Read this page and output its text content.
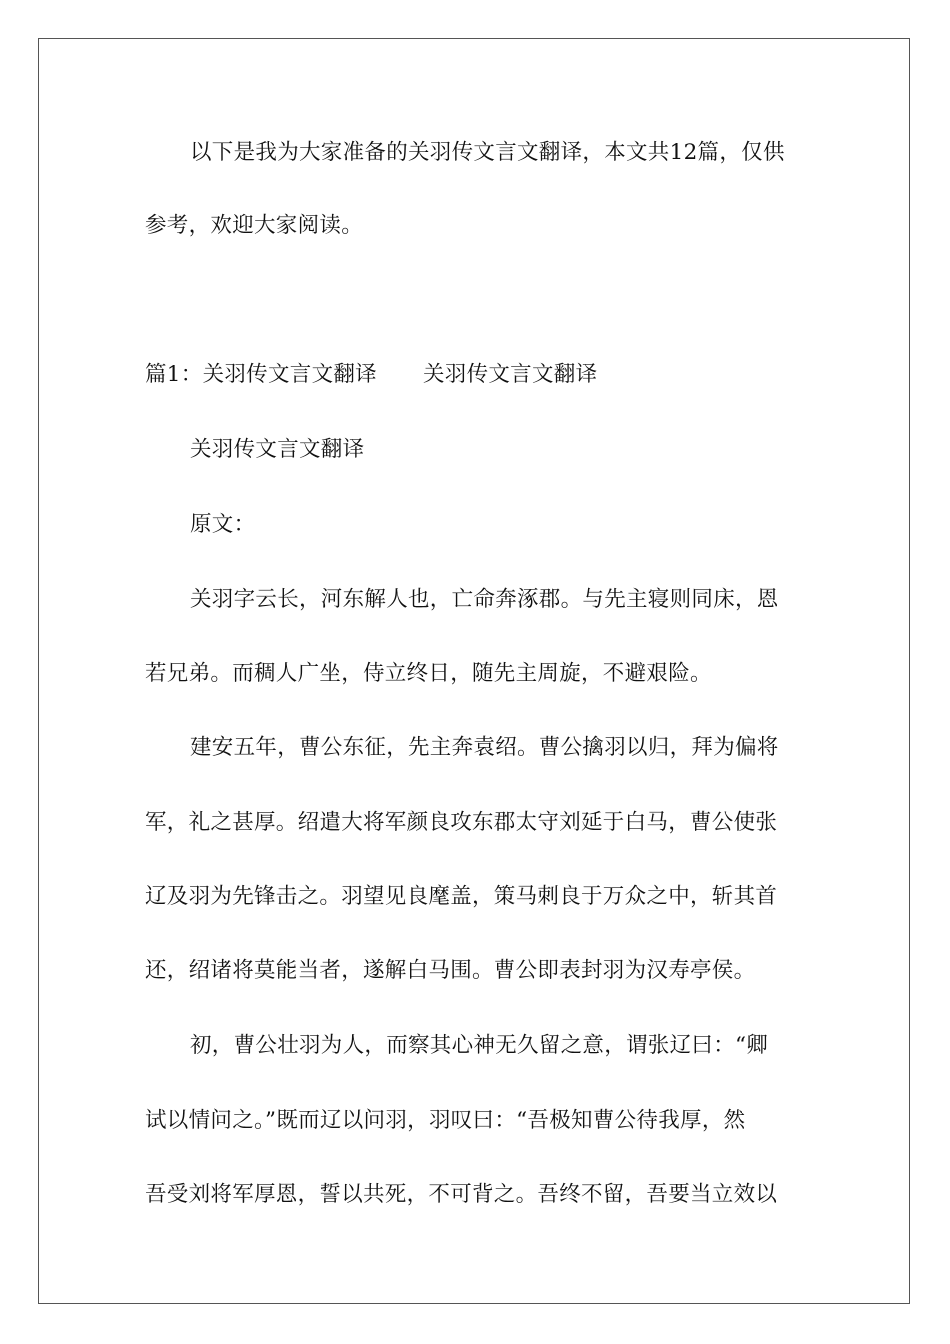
以下是我为大家准备的关羽传文言文翻译，本文共12篇，仅供
参考，欢迎大家阅读。
篇1：关羽传文言文翻译 关羽传文言文翻译
关羽传文言文翻译
原文：
关羽字云长，河东解人也，亡命奔涿郡。与先主寝则同床，恩
若兄弟。而稠人广坐，侍立终日，随先主周旋，不避艰险。
建安五年，曹公东征，先主奔袁绍。曹公擒羽以归，拜为偏将
军，礼之甚厚。绍遣大将军颜良攻东郡太守刘延于白马，曹公使张
辽及羽为先锋击之。羽望见良麾盖，策马刺良于万众之中，斩其首
还，绍诸将莫能当者，遂解白马围。曹公即表封羽为汉寿亭侯。
初，曹公壮羽为人，而察其心神无久留之意，谓张辽曰：“卿
试以情问之。”既而辽以问羽，羽叹曰：“吾极知曹公待我厚，然
吾受刘将军厚恩，誓以共死，不可背之。吾终不留，吾要当立效以
